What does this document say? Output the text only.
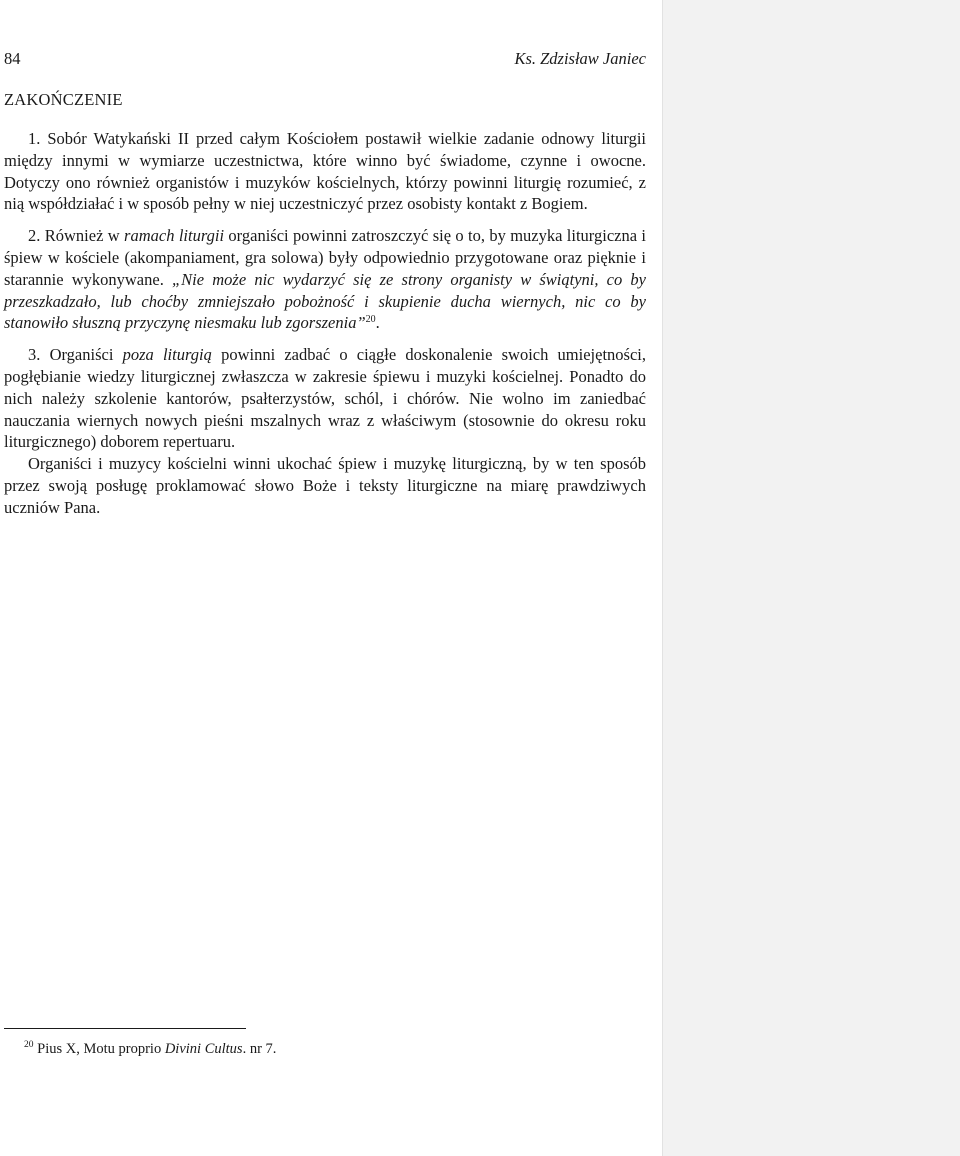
84	Ks. Zdzisław Janiec
ZAKOŃCZENIE

1. Sobór Watykański II przed całym Kościołem postawił wielkie zadanie odnowy liturgii między innymi w wymiarze uczestnictwa, które winno być świadome, czynne i owocne. Dotyczy ono również organistów i muzyków kościelnych, którzy powinni liturgię rozumieć, z nią współdziałać i w sposób pełny w niej uczestniczyć przez osobisty kontakt z Bogiem.

2. Również w ramach liturgii organiści powinni zatroszczyć się o to, by muzyka liturgiczna i śpiew w kościele (akompaniament, gra solowa) były odpowiednio przygotowane oraz pięknie i starannie wykonywane. „Nie może nic wydarzyć się ze strony organisty w świątyni, co by przeszkadzało, lub choćby zmniejszało pobożność i skupienie ducha wiernych, nic co by stanowiło słuszną przyczynę niesmaku lub zgorszenia”$^{20}$.

3. Organiści poza liturgią powinni zadbać o ciągłe doskonalenie swoich umiejętności, pogłębianie wiedzy liturgicznej zwłaszcza w zakresie śpiewu i muzyki kościelnej. Ponadto do nich należy szkolenie kantorów, psałterzystów, schól, i chórów. Nie wolno im zaniedbać nauczania wiernych nowych pieśni mszalnych wraz z właściwym (stosownie do okresu roku liturgicznego) doborem repertuaru.

Organiści i muzycy kościelni winni ukochać śpiew i muzykę liturgiczną, by w ten sposób przez swoją posługę proklamować słowo Boże i teksty liturgiczne na miarę prawdziwych uczniów Pana.

$^{20}$ Pius X, Motu proprio Divini Cultus. nr 7.
